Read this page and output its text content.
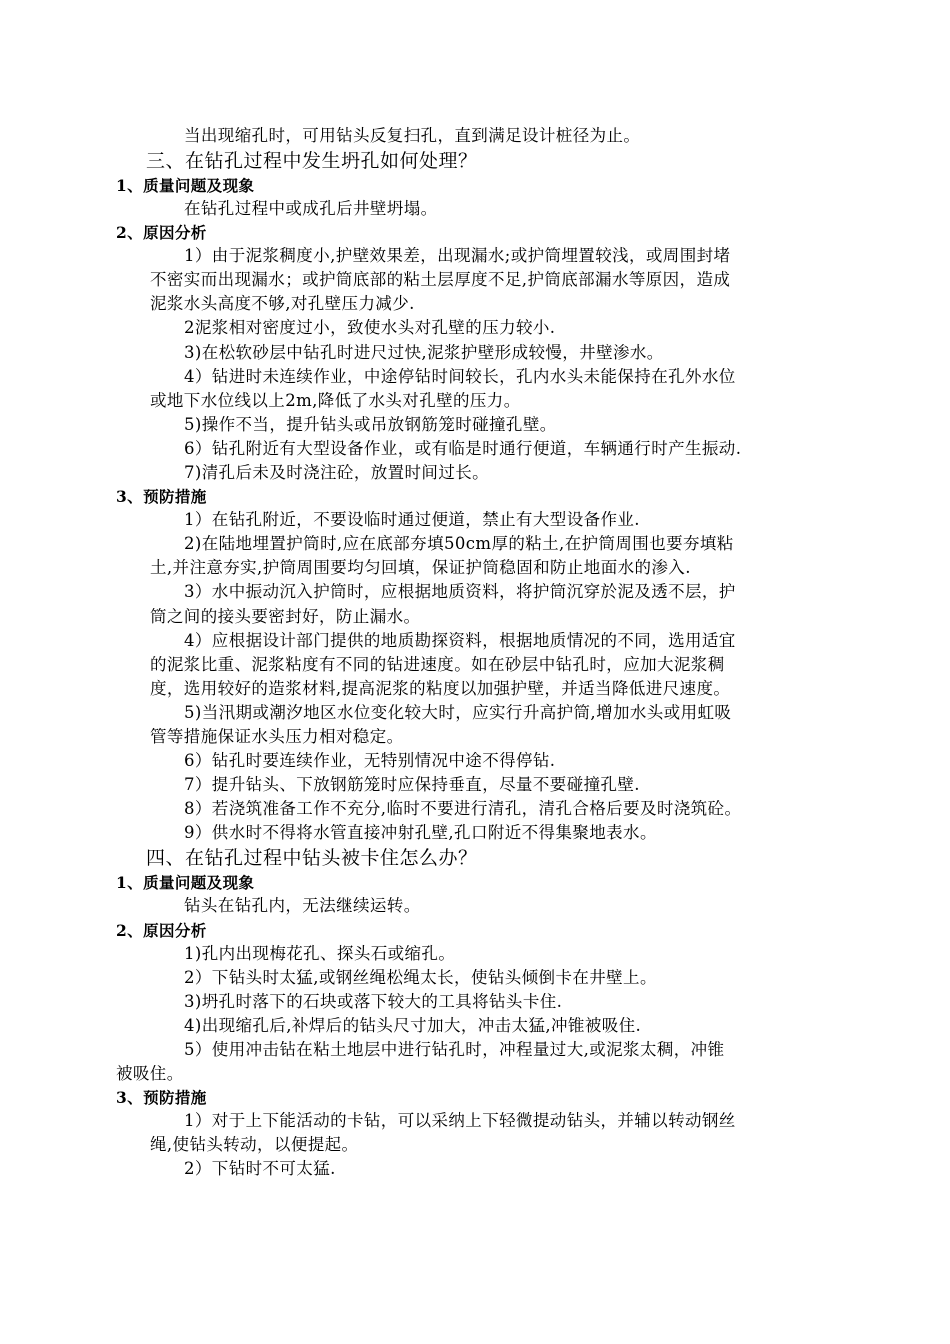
当出现缩孔时，可用钻头反复扫孔，直到满足设计桩径为止。
三、在钻孔过程中发生坍孔如何处理？
1、质量问题及现象
在钻孔过程中或成孔后井壁坍塌。
2、原因分析
1）由于泥浆稠度小,护壁效果差，出现漏水;或护筒埋置较浅，或周围封堵
不密实而出现漏水；或护筒底部的粘土层厚度不足,护筒底部漏水等原因，造成
泥浆水头高度不够,对孔壁压力减少.
2泥浆相对密度过小，致使水头对孔壁的压力较小.
3)在松软砂层中钻孔时进尺过快,泥浆护壁形成较慢，井壁渗水。
4）钻进时未连续作业，中途停钻时间较长，孔内水头未能保持在孔外水位
或地下水位线以上2m,降低了水头对孔壁的压力。
5)操作不当，提升钻头或吊放钢筋笼时碰撞孔壁。
6）钻孔附近有大型设备作业，或有临是时通行便道，车辆通行时产生振动.
7)清孔后未及时浇注砼，放置时间过长。
3、预防措施
1）在钻孔附近，不要设临时通过便道，禁止有大型设备作业.
2)在陆地埋置护筒时,应在底部夯填50cm厚的粘土,在护筒周围也要夯填粘
土,并注意夯实,护筒周围要均匀回填，保证护筒稳固和防止地面水的渗入.
3）水中振动沉入护筒时，应根据地质资料，将护筒沉穿於泥及透不层，护
筒之间的接头要密封好，防止漏水。
4）应根据设计部门提供的地质勘探资料，根据地质情况的不同，选用适宜
的泥浆比重、泥浆粘度有不同的钻进速度。如在砂层中钻孔时，应加大泥浆稠
度，选用较好的造浆材料,提高泥浆的粘度以加强护壁，并适当降低进尺速度。
5)当汛期或潮汐地区水位变化较大时，应实行升高护筒,增加水头或用虹吸
管等措施保证水头压力相对稳定。
6）钻孔时要连续作业，无特别情况中途不得停钻.
7）提升钻头、下放钢筋笼时应保持垂直，尽量不要碰撞孔壁.
8）若浇筑准备工作不充分,临时不要进行清孔，清孔合格后要及时浇筑砼。
9）供水时不得将水管直接冲射孔壁,孔口附近不得集聚地表水。
四、在钻孔过程中钻头被卡住怎么办？
1、质量问题及现象
钻头在钻孔内，无法继续运转。
2、原因分析
1)孔内出现梅花孔、探头石或缩孔。
2）下钻头时太猛,或钢丝绳松绳太长，使钻头倾倒卡在井壁上。
3)坍孔时落下的石块或落下较大的工具将钻头卡住.
4)出现缩孔后,补焊后的钻头尺寸加大，冲击太猛,冲锥被吸住.
5）使用冲击钻在粘土地层中进行钻孔时，冲程量过大,或泥浆太稠，冲锥
被吸住。
3、预防措施
1）对于上下能活动的卡钻，可以采纳上下轻微提动钻头，并辅以转动钢丝
绳,使钻头转动，以便提起。
2）下钻时不可太猛.
